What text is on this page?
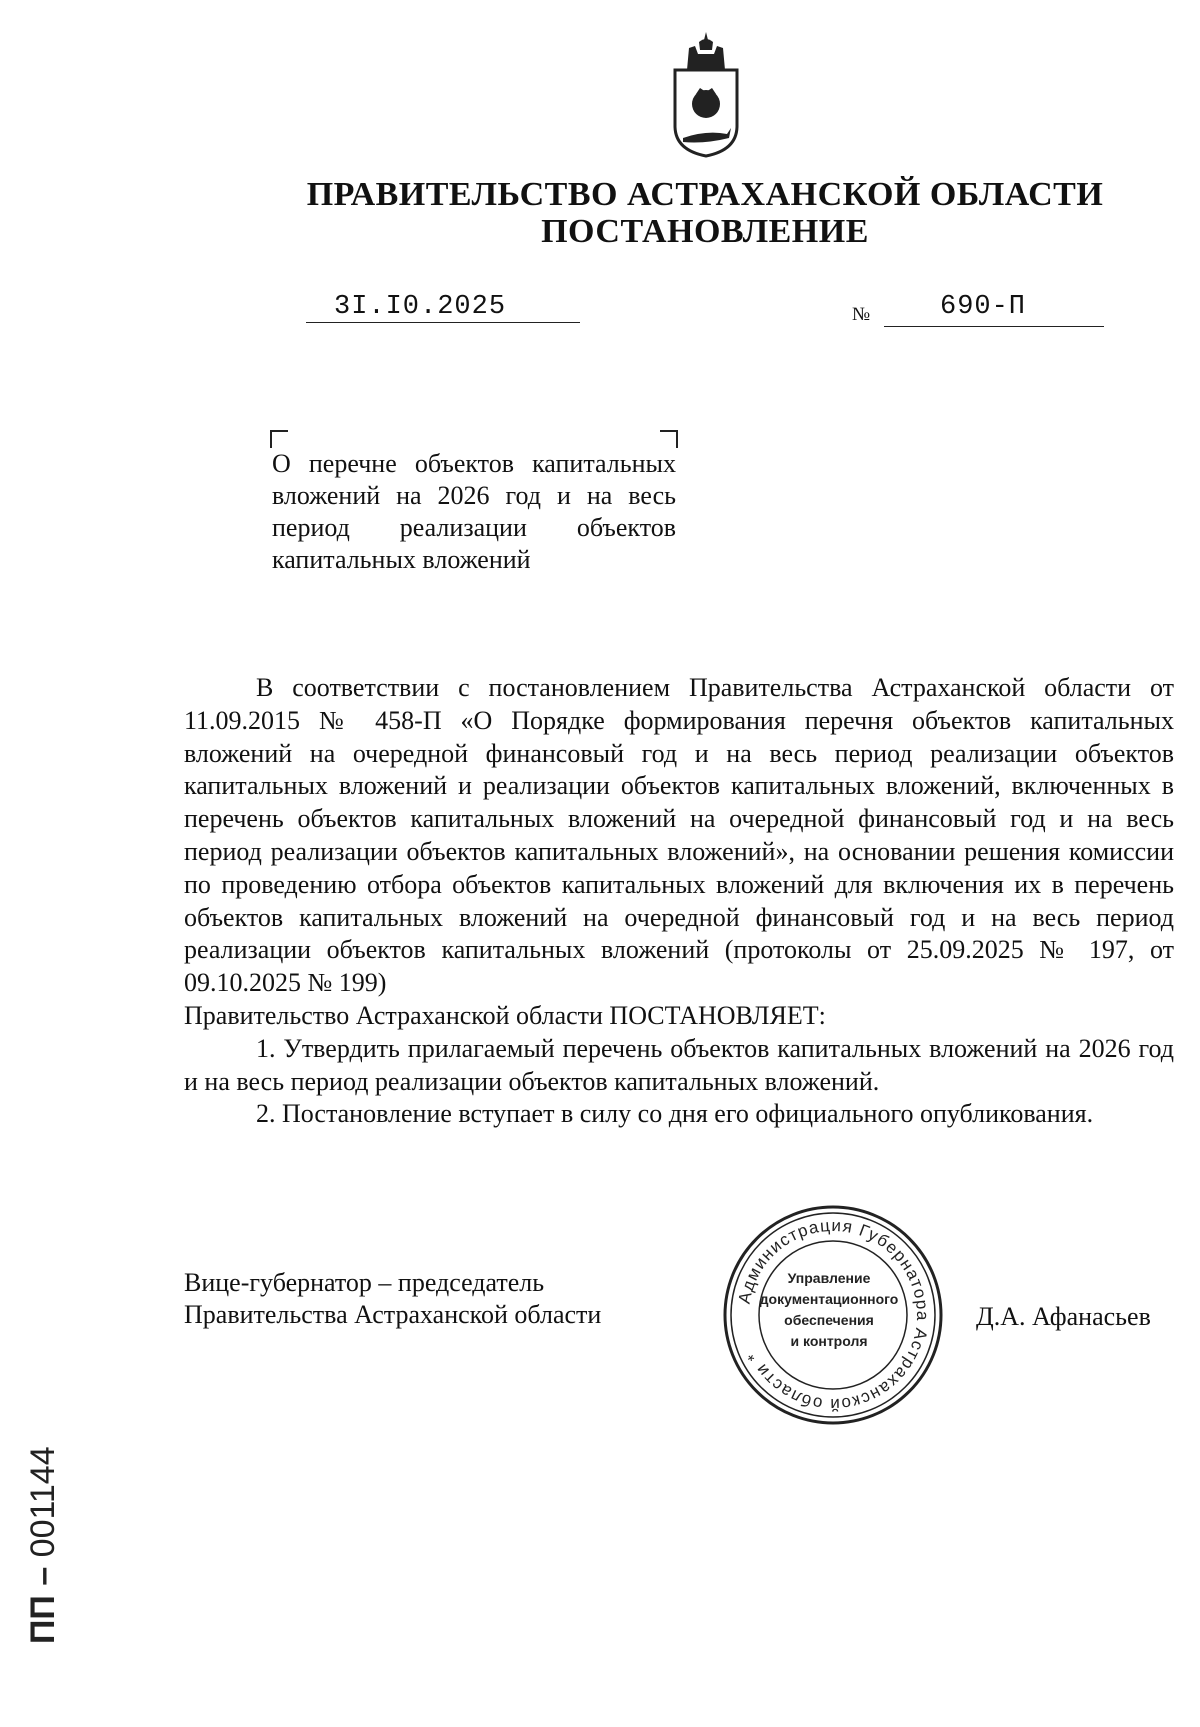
ПРАВИТЕЛЬСТВО АСТРАХАНСКОЙ ОБЛАСТИ
ПОСТАНОВЛЕНИЕ
3I.I0.2025	№	690-П

О перечне объектов капитальных вложений на 2026 год и на весь период реализации объектов капитальных вложений

В соответствии с постановлением Правительства Астраханской области от 11.09.2015 № 458-П «О Порядке формирования перечня объектов капитальных вложений на очередной финансовый год и на весь период реализации объектов капитальных вложений и реализации объектов капитальных вложений, включенных в перечень объектов капитальных вложений на очередной финансовый год и на весь период реализации объектов капитальных вложений», на основании решения комиссии по проведению отбора объектов капитальных вложений для включения их в перечень объектов капитальных вложений на очередной финансовый год и на весь период реализации объектов капитальных вложений (протоколы от 25.09.2025 № 197, от 09.10.2025 № 199)

Правительство Астраханской области ПОСТАНОВЛЯЕТ:

1. Утвердить прилагаемый перечень объектов капитальных вложений на 2026 год и на весь период реализации объектов капитальных вложений.

2. Постановление вступает в силу со дня его официального опубликования.

Вице-губернатор – председатель
Правительства Астраханской области
Администрация Губернатора Астраханской области *
Управление
документационного
обеспечения
и контроля
Д.А. Афанасьев
ПП – 001144
